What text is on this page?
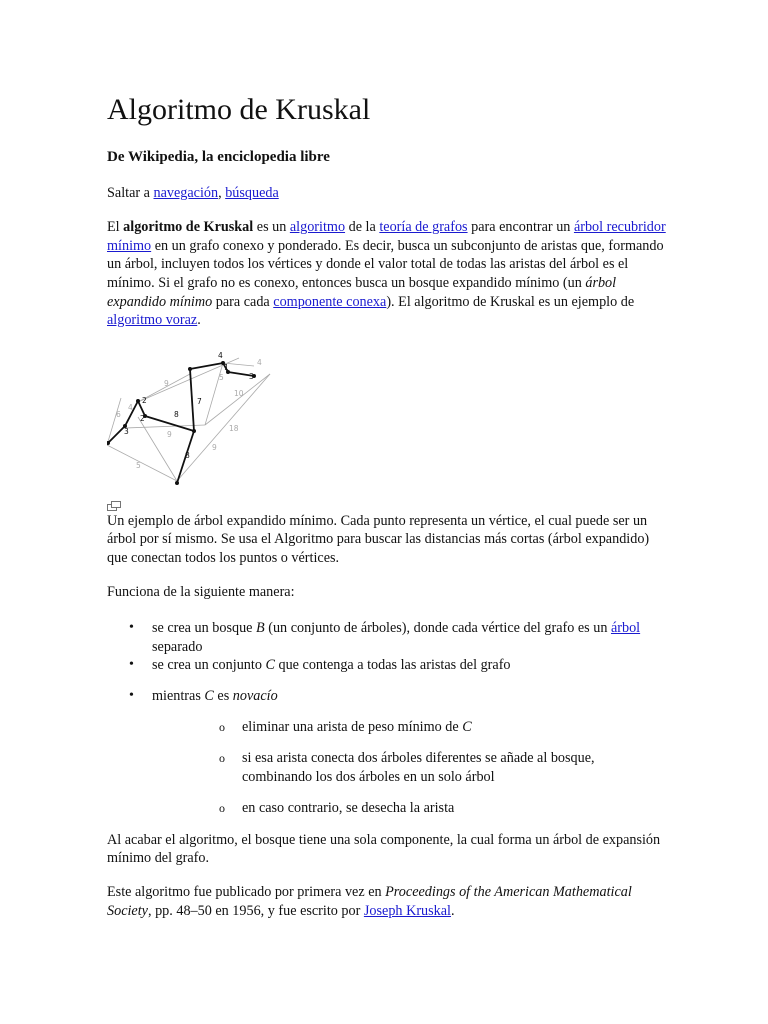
Algoritmo de Kruskal
De Wikipedia, la enciclopedia libre
Saltar a navegación, búsqueda
El algoritmo de Kruskal es un algoritmo de la teoría de grafos para encontrar un árbol recubridor mínimo en un grafo conexo y ponderado. Es decir, busca un subconjunto de aristas que, formando un árbol, incluyen todos los vértices y donde el valor total de todas las aristas del árbol es el mínimo. Si el grafo no es conexo, entonces busca un bosque expandido mínimo (un árbol expandido mínimo para cada componente conexa). El algoritmo de Kruskal es un ejemplo de algoritmo voraz.
4
1
3
4
2
9
5
10
6
4
7
2	8
3	9
18
9
8
5
Un ejemplo de árbol expandido mínimo. Cada punto representa un vértice, el cual puede ser un árbol por sí mismo. Se usa el Algoritmo para buscar las distancias más cortas (árbol expandido) que conectan todos los puntos o vértices.
Funciona de la siguiente manera:
• se crea un bosque B (un conjunto de árboles), donde cada vértice del grafo es un árbol separado
• se crea un conjunto C que contenga a todas las aristas del grafo
• mientras C es novacío
o eliminar una arista de peso mínimo de C
o si esa arista conecta dos árboles diferentes se añade al bosque, combinando los dos árboles en un solo árbol
o en caso contrario, se desecha la arista
Al acabar el algoritmo, el bosque tiene una sola componente, la cual forma un árbol de expansión mínimo del grafo.
Este algoritmo fue publicado por primera vez en Proceedings of the American Mathematical Society, pp. 48–50 en 1956, y fue escrito por Joseph Kruskal.
